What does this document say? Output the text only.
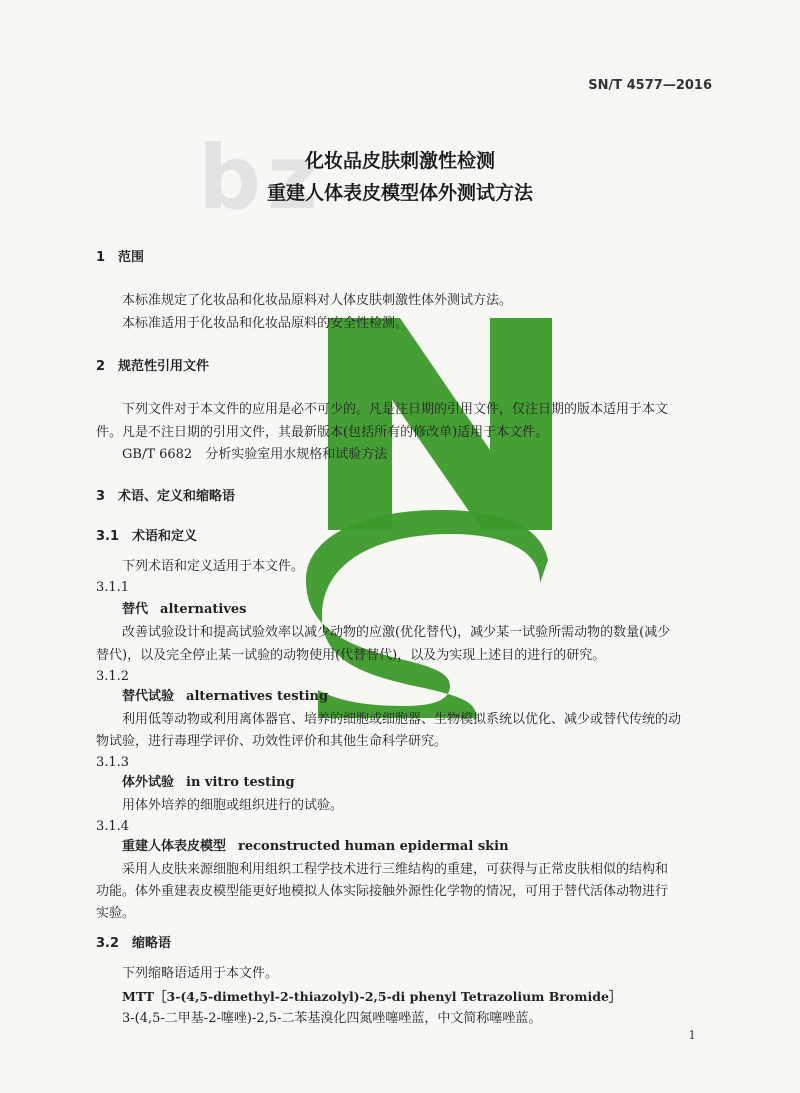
SN/T 4577—2016
bz
化妆品皮肤刺激性检测
重建人体表皮模型体外测试方法
1　范围
本标准规定了化妆品和化妆品原料对人体皮肤刺激性体外测试方法。
本标准适用于化妆品和化妆品原料的安全性检测。
2　规范性引用文件
下列文件对于本文件的应用是必不可少的。凡是注日期的引用文件，仅注日期的版本适用于本文
件。凡是不注日期的引用文件，其最新版本(包括所有的修改单)适用于本文件。
GB/T 6682　分析实验室用水规格和试验方法
3　术语、定义和缩略语
3.1　术语和定义
下列术语和定义适用于本文件。
3.1.1
替代 alternatives
改善试验设计和提高试验效率以减少动物的应激(优化替代)，减少某一试验所需动物的数量(减少
替代)，以及完全停止某一试验的动物使用(代替替代)，以及为实现上述目的进行的研究。
3.1.2
替代试验 alternatives testing
利用低等动物或利用离体器官、培养的细胞或细胞器、生物模拟系统以优化、减少或替代传统的动
物试验，进行毒理学评价、功效性评价和其他生命科学研究。
3.1.3
体外试验 in vitro testing
用体外培养的细胞或组织进行的试验。
3.1.4
重建人体表皮模型 reconstructed human epidermal skin
采用人皮肤来源细胞利用组织工程学技术进行三维结构的重建，可获得与正常皮肤相似的结构和
功能。体外重建表皮模型能更好地模拟人体实际接触外源性化学物的情况，可用于替代活体动物进行
实验。
3.2　缩略语
下列缩略语适用于本文件。
MTT［3-(4,5-dimethyl-2-thiazolyl)-2,5-di phenyl Tetrazolium Bromide］
3-(4,5-二甲基-2-噻唑)-2,5-二苯基溴化四氮唑噻唑蓝，中文简称噻唑蓝。
1
